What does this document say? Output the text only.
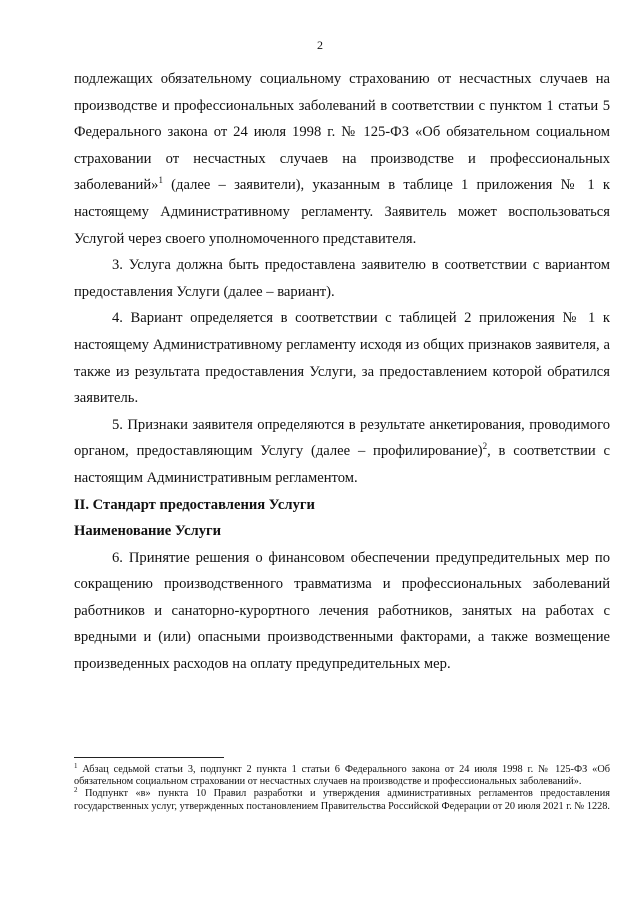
2

подлежащих обязательному социальному страхованию от несчастных случаев на производстве и профессиональных заболеваний в соответствии с пунктом 1 статьи 5 Федерального закона от 24 июля 1998 г. № 125-ФЗ «Об обязательном социальном страховании от несчастных случаев на производстве и профессиональных заболеваний»$^1$ (далее – заявители), указанным в таблице 1 приложения № 1 к настоящему Административному регламенту. Заявитель может воспользоваться Услугой через своего уполномоченного представителя.

3. Услуга должна быть предоставлена заявителю в соответствии с вариантом предоставления Услуги (далее – вариант).

4. Вариант определяется в соответствии с таблицей 2 приложения № 1 к настоящему Административному регламенту исходя из общих признаков заявителя, а также из результата предоставления Услуги, за предоставлением которой обратился заявитель.

5. Признаки заявителя определяются в результате анкетирования, проводимого органом, предоставляющим Услугу (далее – профилирование)$^2$, в соответствии с настоящим Административным регламентом.

II. Стандарт предоставления Услуги

Наименование Услуги

6. Принятие решения о финансовом обеспечении предупредительных мер по сокращению производственного травматизма и профессиональных заболеваний работников и санаторно-курортного лечения работников, занятых на работах с вредными и (или) опасными производственными факторами, а также возмещение произведенных расходов на оплату предупредительных мер.

$^1$ Абзац седьмой статьи 3, подпункт 2 пункта 1 статьи 6 Федерального закона от 24 июля 1998 г. № 125-ФЗ «Об обязательном социальном страховании от несчастных случаев на производстве и профессиональных заболеваний».

$^2$ Подпункт «в» пункта 10 Правил разработки и утверждения административных регламентов предоставления государственных услуг, утвержденных постановлением Правительства Российской Федерации от 20 июля 2021 г. № 1228.
